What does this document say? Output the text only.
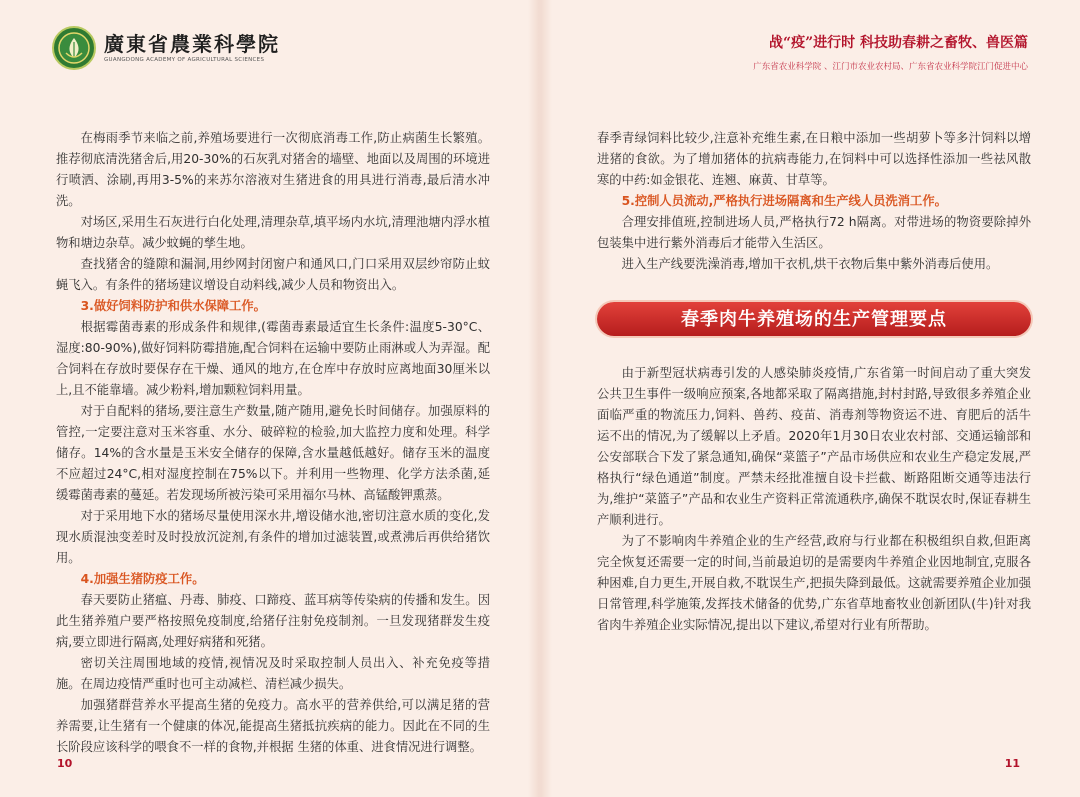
廣東省農業科學院
GUANGDONG ACADEMY OF AGRICULTURAL SCIENCES
战“疫”进行时 科技助春耕之畜牧、兽医篇
广东省农业科学院 、江门市农业农村局、广东省农业科学院江门促进中心

在梅雨季节来临之前,养殖场要进行一次彻底消毒工作,防止病菌生长繁殖。推荐彻底清洗猪舍后,用20-30%的石灰乳对猪舍的墙壁、地面以及周围的环境进行喷洒、涂刷,再用3-5%的来苏尔溶液对生猪进食的用具进行消毒,最后清水冲洗。

对场区,采用生石灰进行白化处理,清理杂草,填平场内水坑,清理池塘内浮水植物和塘边杂草。减少蚊蝇的孳生地。

查找猪舍的缝隙和漏洞,用纱网封闭窗户和通风口,门口采用双层纱帘防止蚊蝇飞入。有条件的猪场建议增设自动料线,减少人员和物资出入。

3.做好饲料防护和供水保障工作。

根据霉菌毒素的形成条件和规律,(霉菌毒素最适宜生长条件:温度5-30°C、湿度:80-90%),做好饲料防霉措施,配合饲料在运输中要防止雨淋或人为弄湿。配合饲料在存放时要保存在干燥、通风的地方,在仓库中存放时应离地面30厘米以上,且不能靠墙。减少粉料,增加颗粒饲料用量。

对于自配料的猪场,要注意生产数量,随产随用,避免长时间储存。加强原料的管控,一定要注意对玉米容重、水分、破碎粒的检验,加大监控力度和处理。科学储存。14%的含水量是玉米安全储存的保障,含水量越低越好。储存玉米的温度不应超过24°C,相对湿度控制在75%以下。并利用一些物理、化学方法杀菌,延缓霉菌毒素的蔓延。若发现场所被污染可采用福尔马林、高锰酸钾熏蒸。

对于采用地下水的猪场尽量使用深水井,增设储水池,密切注意水质的变化,发现水质混浊变差时及时投放沉淀剂,有条件的增加过滤装置,或煮沸后再供给猪饮用。

4.加强生猪防疫工作。

春天要防止猪瘟、丹毒、肺疫、口蹄疫、蓝耳病等传染病的传播和发生。因此生猪养殖户要严格按照免疫制度,给猪仔注射免疫制剂。一旦发现猪群发生疫病,要立即进行隔离,处理好病猪和死猪。

密切关注周围地域的疫情,视情况及时采取控制人员出入、补充免疫等措施。在周边疫情严重时也可主动减栏、清栏减少损失。

加强猪群营养水平提高生猪的免疫力。高水平的营养供给,可以满足猪的营养需要,让生猪有一个健康的体况,能提高生猪抵抗疾病的能力。因此在不同的生长阶段应该科学的喂食不一样的食物,并根据 生猪的体重、进食情况进行调整。

春季青绿饲料比较少,注意补充维生素,在日粮中添加一些胡萝卜等多汁饲料以增进猪的食欲。为了增加猪体的抗病毒能力,在饲料中可以选择性添加一些祛风散寒的中药:如金银花、连翘、麻黄、甘草等。

5.控制人员流动,严格执行进场隔离和生产线人员洗消工作。

合理安排值班,控制进场人员,严格执行72 h隔离。对带进场的物资要除掉外包装集中进行紫外消毒后才能带入生活区。

进入生产线要洗澡消毒,增加干衣机,烘干衣物后集中紫外消毒后使用。

春季肉牛养殖场的生产管理要点

由于新型冠状病毒引发的人感染肺炎疫情,广东省第一时间启动了重大突发公共卫生事件一级响应预案,各地都采取了隔离措施,封村封路,导致很多养殖企业面临严重的物流压力,饲料、兽药、疫苗、消毒剂等物资运不进、育肥后的活牛运不出的情况,为了缓解以上矛盾。2020年1月30日农业农村部、交通运输部和公安部联合下发了紧急通知,确保“菜篮子”产品市场供应和农业生产稳定发展,严格执行“绿色通道”制度。严禁未经批准擅自设卡拦截、断路阻断交通等违法行为,维护“菜篮子”产品和农业生产资料正常流通秩序,确保不耽误农时,保证春耕生产顺利进行。

为了不影响肉牛养殖企业的生产经营,政府与行业都在积极组织自救,但距离完全恢复还需要一定的时间,当前最迫切的是需要肉牛养殖企业因地制宜,克服各种困难,自力更生,开展自救,不耽误生产,把损失降到最低。这就需要养殖企业加强日常管理,科学施策,发挥技术储备的优势,广东省草地畜牧业创新团队(牛)针对我省肉牛养殖企业实际情况,提出以下建议,希望对行业有所帮助。

10	11
